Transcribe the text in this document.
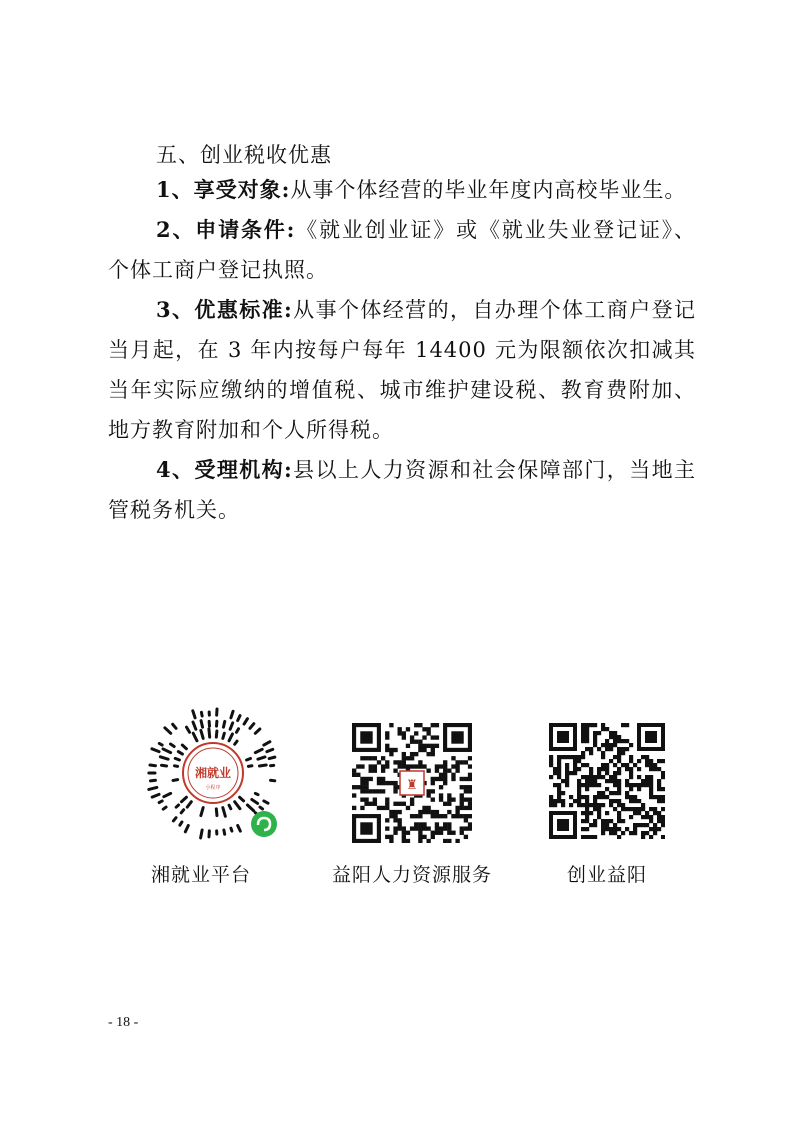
五、创业税收优惠

1、享受对象:从事个体经营的毕业年度内高校毕业生。

2、申请条件:《就业创业证》或《就业失业登记证》、个体工商户登记执照。

3、优惠标准:从事个体经营的，自办理个体工商户登记当月起，在 3 年内按每户每年 14400 元为限额依次扣减其当年实际应缴纳的增值税、城市维护建设税、教育费附加、地方教育附加和个人所得税。

4、受理机构:县以上人力资源和社会保障部门，当地主管税务机关。

湘就业
小程序	♜
湘就业平台	益阳人力资源服务	创业益阳
- 18 -
